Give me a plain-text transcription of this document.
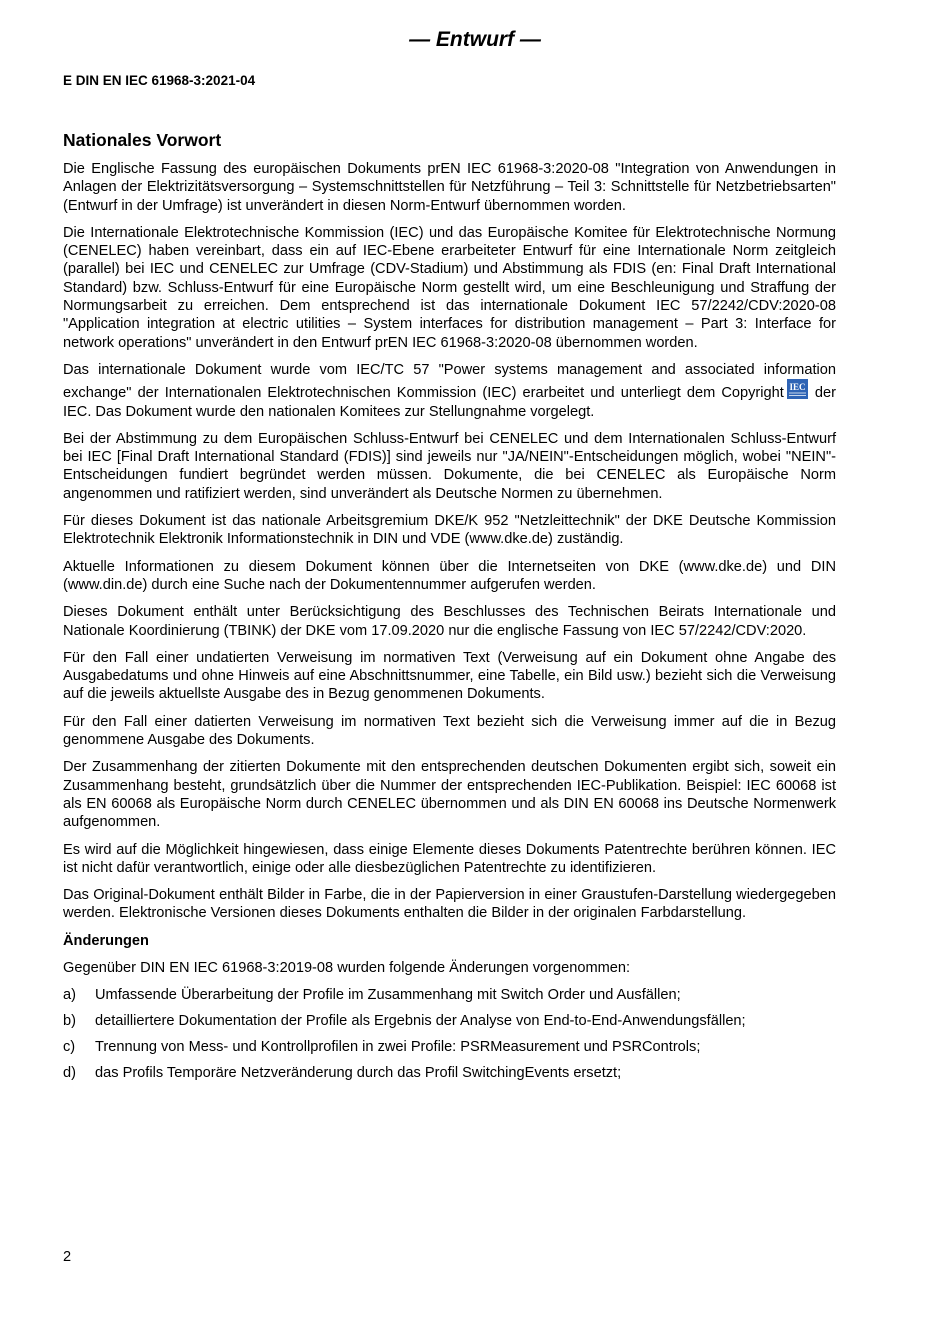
— Entwurf —
E DIN EN IEC 61968-3:2021-04
Nationales Vorwort

Die Englische Fassung des europäischen Dokuments prEN IEC 61968-3:2020-08 "Integration von Anwendungen in Anlagen der Elektrizitätsversorgung – Systemschnittstellen für Netzführung – Teil 3: Schnittstelle für Netzbetriebsarten" (Entwurf in der Umfrage) ist unverändert in diesen Norm-Entwurf übernommen worden.

Die Internationale Elektrotechnische Kommission (IEC) und das Europäische Komitee für Elektrotechnische Normung (CENELEC) haben vereinbart, dass ein auf IEC-Ebene erarbeiteter Entwurf für eine Internationale Norm zeitgleich (parallel) bei IEC und CENELEC zur Umfrage (CDV-Stadium) und Abstimmung als FDIS (en: Final Draft International Standard) bzw. Schluss-Entwurf für eine Europäische Norm gestellt wird, um eine Beschleunigung und Straffung der Normungsarbeit zu erreichen. Dem entsprechend ist das internationale Dokument IEC 57/2242/CDV:2020-08 "Application integration at electric utilities – System interfaces for distribution management – Part 3: Interface for network operations" unverändert in den Entwurf prEN IEC 61968-3:2020-08 übernommen worden.

Das internationale Dokument wurde vom IEC/TC 57 "Power systems management and associated information exchange" der Internationalen Elektrotechnischen Kommission (IEC) erarbeitet und unterliegt dem Copyright IEC der IEC. Das Dokument wurde den nationalen Komitees zur Stellungnahme vorgelegt.

Bei der Abstimmung zu dem Europäischen Schluss-Entwurf bei CENELEC und dem Internationalen Schluss-Entwurf bei IEC [Final Draft International Standard (FDIS)] sind jeweils nur "JA/NEIN"-Entscheidungen möglich, wobei "NEIN"-Entscheidungen fundiert begründet werden müssen. Dokumente, die bei CENELEC als Europäische Norm angenommen und ratifiziert werden, sind unverändert als Deutsche Normen zu übernehmen.

Für dieses Dokument ist das nationale Arbeitsgremium DKE/K 952 "Netzleittechnik" der DKE Deutsche Kommission Elektrotechnik Elektronik Informationstechnik in DIN und VDE (www.dke.de) zuständig.

Aktuelle Informationen zu diesem Dokument können über die Internetseiten von DKE (www.dke.de) und DIN (www.din.de) durch eine Suche nach der Dokumentennummer aufgerufen werden.

Dieses Dokument enthält unter Berücksichtigung des Beschlusses des Technischen Beirats Internationale und Nationale Koordinierung (TBINK) der DKE vom 17.09.2020 nur die englische Fassung von IEC 57/2242/CDV:2020.

Für den Fall einer undatierten Verweisung im normativen Text (Verweisung auf ein Dokument ohne Angabe des Ausgabedatums und ohne Hinweis auf eine Abschnittsnummer, eine Tabelle, ein Bild usw.) bezieht sich die Verweisung auf die jeweils aktuellste Ausgabe des in Bezug genommenen Dokuments.

Für den Fall einer datierten Verweisung im normativen Text bezieht sich die Verweisung immer auf die in Bezug genommene Ausgabe des Dokuments.

Der Zusammenhang der zitierten Dokumente mit den entsprechenden deutschen Dokumenten ergibt sich, soweit ein Zusammenhang besteht, grundsätzlich über die Nummer der entsprechenden IEC-Publikation. Beispiel: IEC 60068 ist als EN 60068 als Europäische Norm durch CENELEC übernommen und als DIN EN 60068 ins Deutsche Normenwerk aufgenommen.

Es wird auf die Möglichkeit hingewiesen, dass einige Elemente dieses Dokuments Patentrechte berühren können. IEC ist nicht dafür verantwortlich, einige oder alle diesbezüglichen Patentrechte zu identifizieren.

Das Original-Dokument enthält Bilder in Farbe, die in der Papierversion in einer Graustufen-Darstellung wiedergegeben werden. Elektronische Versionen dieses Dokuments enthalten die Bilder in der originalen Farbdarstellung.

Änderungen

Gegenüber DIN EN IEC 61968-3:2019-08 wurden folgende Änderungen vorgenommen:

a)	Umfassende Überarbeitung der Profile im Zusammenhang mit Switch Order und Ausfällen;
b)	detailliertere Dokumentation der Profile als Ergebnis der Analyse von End-to-End-Anwendungsfällen;
c)	Trennung von Mess- und Kontrollprofilen in zwei Profile: PSRMeasurement und PSRControls;
d)	das Profils Temporäre Netzveränderung durch das Profil SwitchingEvents ersetzt;
2
